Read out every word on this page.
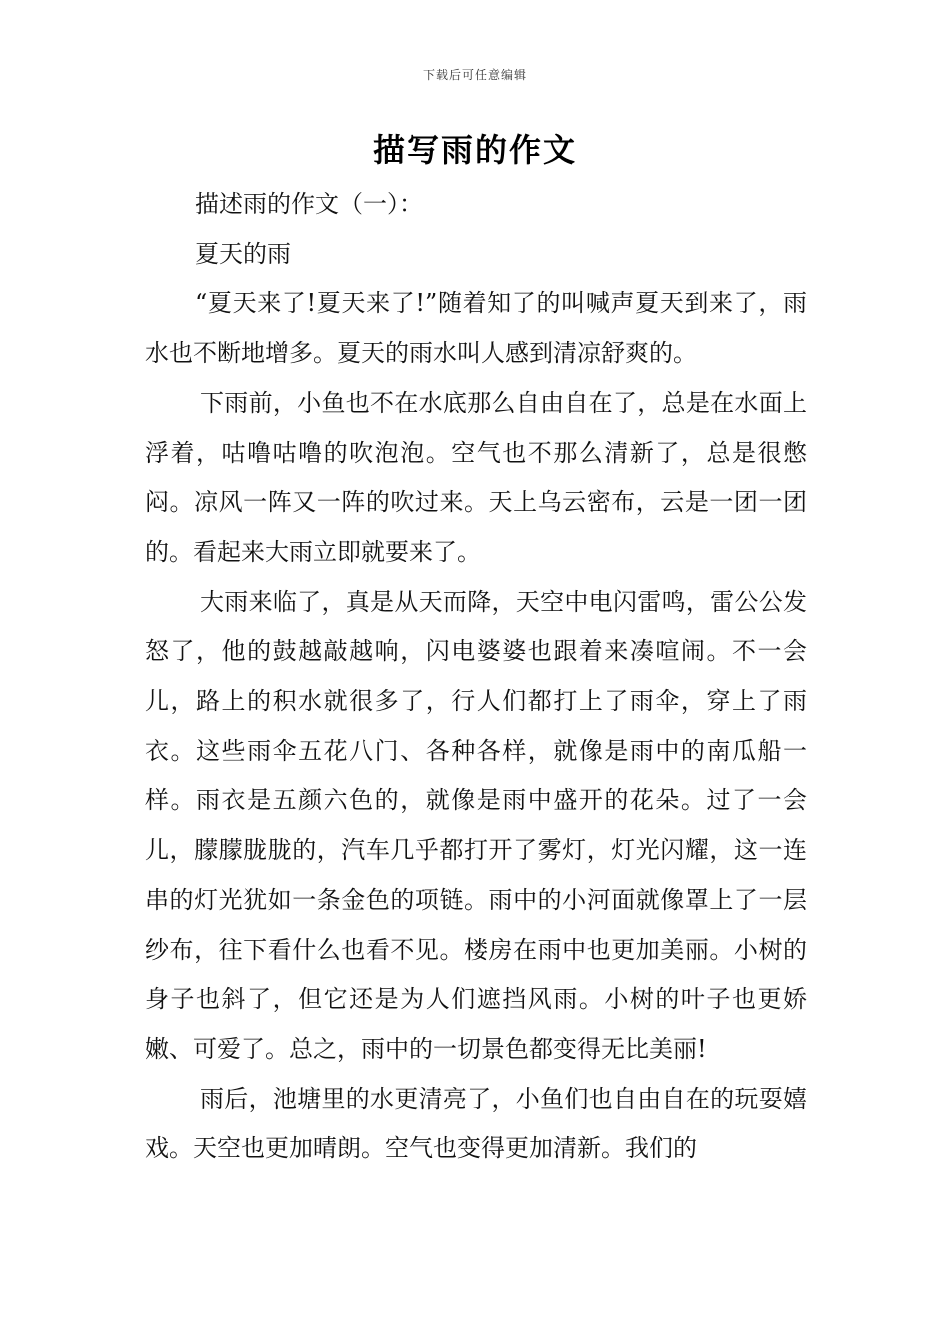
下载后可任意编辑
描写雨的作文

描述雨的作文（一）：

夏天的雨

“夏天来了!夏天来了!”随着知了的叫喊声夏天到来了，雨水也不断地增多。夏天的雨水叫人感到清凉舒爽的。

下雨前，小鱼也不在水底那么自由自在了，总是在水面上浮着，咕噜咕噜的吹泡泡。空气也不那么清新了，总是很憋闷。凉风一阵又一阵的吹过来。天上乌云密布，云是一团一团的。看起来大雨立即就要来了。

大雨来临了，真是从天而降，天空中电闪雷鸣，雷公公发怒了，他的鼓越敲越响，闪电婆婆也跟着来凑喧闹。不一会儿，路上的积水就很多了，行人们都打上了雨伞，穿上了雨衣。这些雨伞五花八门、各种各样，就像是雨中的南瓜船一样。雨衣是五颜六色的，就像是雨中盛开的花朵。过了一会儿，朦朦胧胧的，汽车几乎都打开了雾灯，灯光闪耀，这一连串的灯光犹如一条金色的项链。雨中的小河面就像罩上了一层纱布，往下看什么也看不见。楼房在雨中也更加美丽。小树的身子也斜了，但它还是为人们遮挡风雨。小树的叶子也更娇嫩、可爱了。总之，雨中的一切景色都变得无比美丽!

雨后，池塘里的水更清亮了，小鱼们也自由自在的玩耍嬉戏。天空也更加晴朗。空气也变得更加清新。我们的
